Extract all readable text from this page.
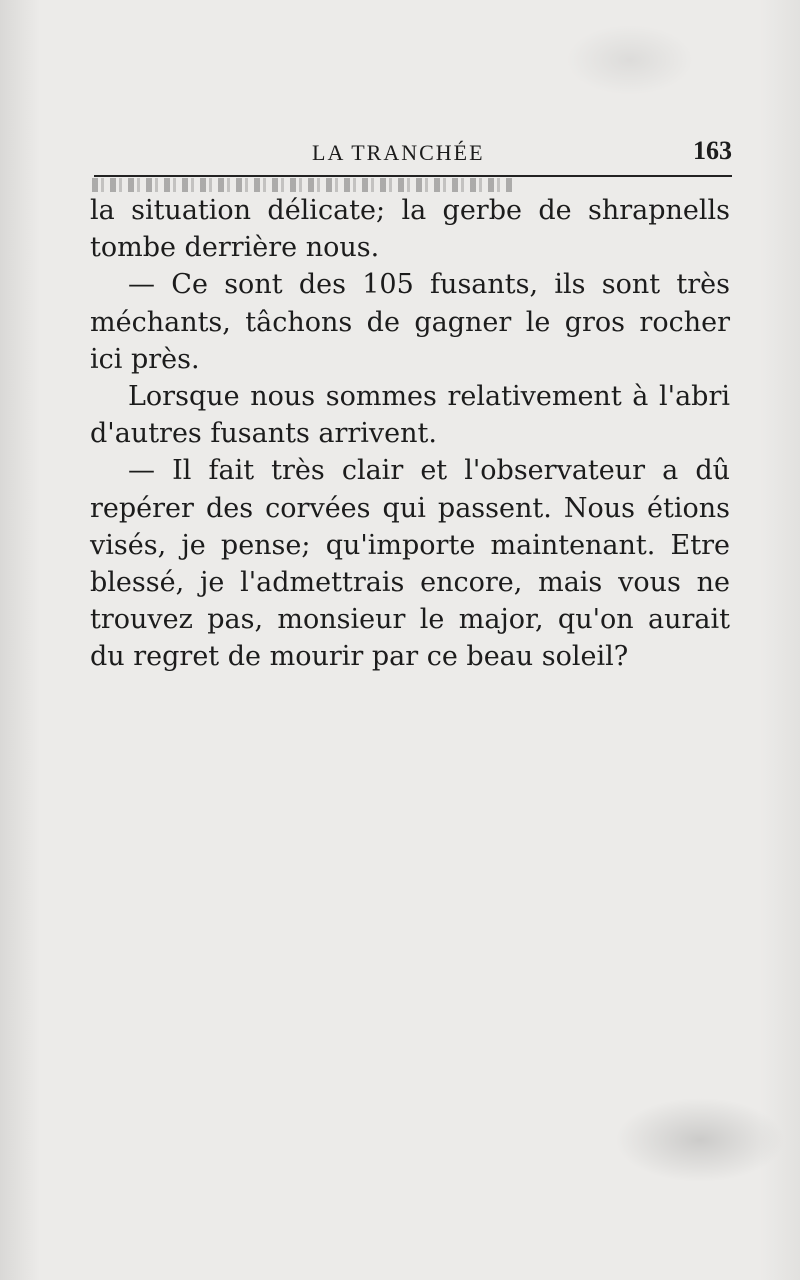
LA TRANCHÉE	163

la situation délicate; la gerbe de shrapnells

tombe derrière nous.

— Ce sont des 105 fusants, ils sont très

méchants, tâchons de gagner le gros rocher

ici près.

Lorsque nous sommes relativement à l'abri

d'autres fusants arrivent.

— Il fait très clair et l'observateur a dû

repérer des corvées qui passent. Nous étions

visés, je pense; qu'importe maintenant. Etre

blessé, je l'admettrais encore, mais vous ne

trouvez pas, monsieur le major, qu'on aurait

du regret de mourir par ce beau soleil?
